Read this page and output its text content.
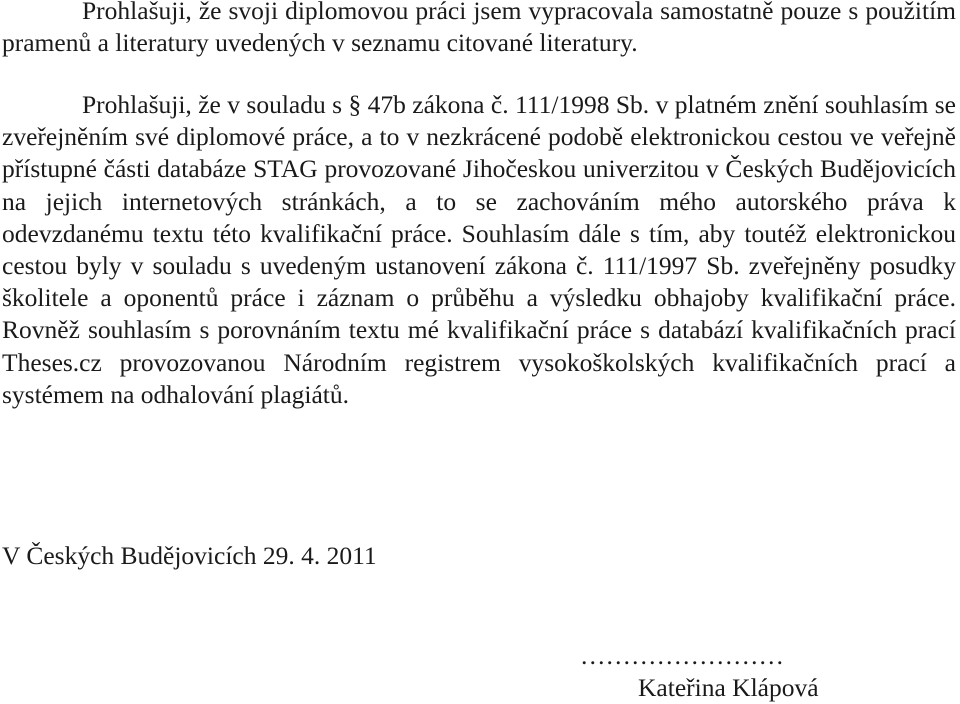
Prohlašuji, že svoji diplomovou práci jsem vypracovala samostatně pouze s použitím pramenů a literatury uvedených v seznamu citované literatury.

Prohlašuji, že v souladu s § 47b zákona č. 111/1998 Sb. v platném znění souhlasím se zveřejněním své diplomové práce, a to v nezkrácené podobě elektronickou cestou ve veřejně přístupné části databáze STAG provozované Jihočeskou univerzitou v Českých Budějovicích na jejich internetových stránkách, a to se zachováním mého autorského práva k odevzdanému textu této kvalifikační práce. Souhlasím dále s tím, aby toutéž elektronickou cestou byly v souladu s uvedeným ustanovení zákona č. 111/1997 Sb. zveřejněny posudky školitele a oponentů práce i záznam o průběhu a výsledku obhajoby kvalifikační práce. Rovněž souhlasím s porovnáním textu mé kvalifikační práce s databází kvalifikačních prací Theses.cz provozovanou Národním registrem vysokoškolských kvalifikačních prací a systémem na odhalování plagiátů.

V Českých Budějovicích 29. 4. 2011

……………………
Kateřina Klápová
